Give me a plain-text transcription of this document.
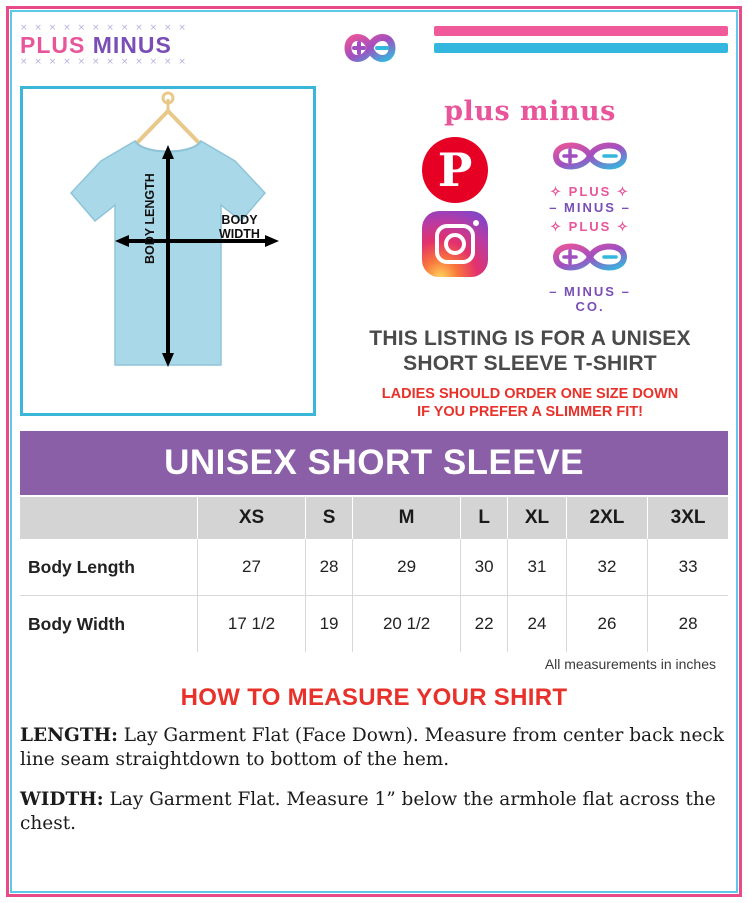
× × × × × × × × × × × ×
PLUS MINUS
× × × × × × × × × × × ×
BODY
WIDTH
BODY LENGTH
plus minus
P	✧ PLUS ✧
– MINUS –
✧ PLUS ✧
– MINUS –
CO.
THIS LISTING IS FOR A UNISEX
SHORT SLEEVE T-SHIRT
LADIES SHOULD ORDER ONE SIZE DOWN
IF YOU PREFER A SLIMMER FIT!
UNISEX SHORT SLEEVE
	XS	S	M	L	XL	2XL	3XL
Body Length	27	28	29	30	31	32	33
Body Width	17 1/2	19	20 1/2	22	24	26	28
All measurements in inches
HOW TO MEASURE YOUR SHIRT
LENGTH: Lay Garment Flat (Face Down). Measure from center back neck line seam straightdown to bottom of the hem.
WIDTH: Lay Garment Flat. Measure 1” below the armhole flat across the chest.
